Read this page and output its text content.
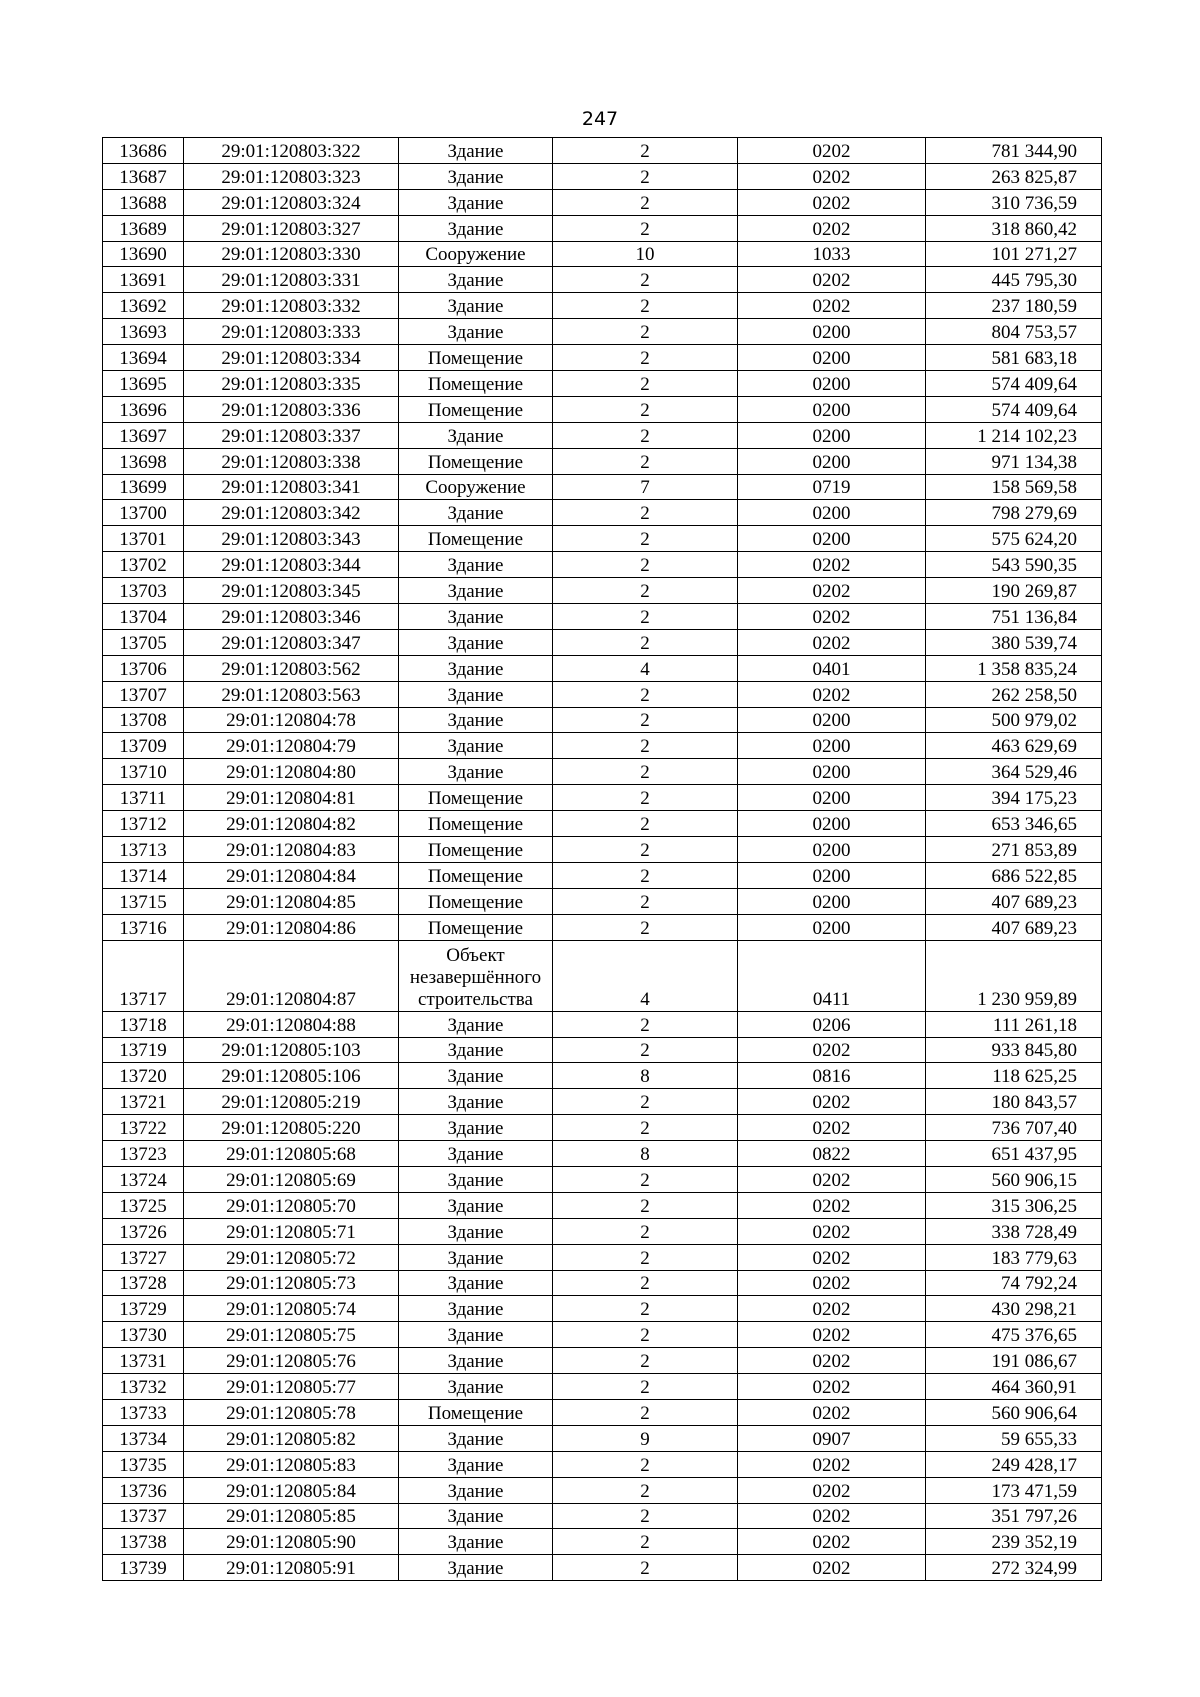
247
13686	29:01:120803:322	Здание	2	0202	781 344,90
13687	29:01:120803:323	Здание	2	0202	263 825,87
13688	29:01:120803:324	Здание	2	0202	310 736,59
13689	29:01:120803:327	Здание	2	0202	318 860,42
13690	29:01:120803:330	Сооружение	10	1033	101 271,27
13691	29:01:120803:331	Здание	2	0202	445 795,30
13692	29:01:120803:332	Здание	2	0202	237 180,59
13693	29:01:120803:333	Здание	2	0200	804 753,57
13694	29:01:120803:334	Помещение	2	0200	581 683,18
13695	29:01:120803:335	Помещение	2	0200	574 409,64
13696	29:01:120803:336	Помещение	2	0200	574 409,64
13697	29:01:120803:337	Здание	2	0200	1 214 102,23
13698	29:01:120803:338	Помещение	2	0200	971 134,38
13699	29:01:120803:341	Сооружение	7	0719	158 569,58
13700	29:01:120803:342	Здание	2	0200	798 279,69
13701	29:01:120803:343	Помещение	2	0200	575 624,20
13702	29:01:120803:344	Здание	2	0202	543 590,35
13703	29:01:120803:345	Здание	2	0202	190 269,87
13704	29:01:120803:346	Здание	2	0202	751 136,84
13705	29:01:120803:347	Здание	2	0202	380 539,74
13706	29:01:120803:562	Здание	4	0401	1 358 835,24
13707	29:01:120803:563	Здание	2	0202	262 258,50
13708	29:01:120804:78	Здание	2	0200	500 979,02
13709	29:01:120804:79	Здание	2	0200	463 629,69
13710	29:01:120804:80	Здание	2	0200	364 529,46
13711	29:01:120804:81	Помещение	2	0200	394 175,23
13712	29:01:120804:82	Помещение	2	0200	653 346,65
13713	29:01:120804:83	Помещение	2	0200	271 853,89
13714	29:01:120804:84	Помещение	2	0200	686 522,85
13715	29:01:120804:85	Помещение	2	0200	407 689,23
13716	29:01:120804:86	Помещение	2	0200	407 689,23
13717	29:01:120804:87	Объект незавершённого строительства	4	0411	1 230 959,89
13718	29:01:120804:88	Здание	2	0206	111 261,18
13719	29:01:120805:103	Здание	2	0202	933 845,80
13720	29:01:120805:106	Здание	8	0816	118 625,25
13721	29:01:120805:219	Здание	2	0202	180 843,57
13722	29:01:120805:220	Здание	2	0202	736 707,40
13723	29:01:120805:68	Здание	8	0822	651 437,95
13724	29:01:120805:69	Здание	2	0202	560 906,15
13725	29:01:120805:70	Здание	2	0202	315 306,25
13726	29:01:120805:71	Здание	2	0202	338 728,49
13727	29:01:120805:72	Здание	2	0202	183 779,63
13728	29:01:120805:73	Здание	2	0202	74 792,24
13729	29:01:120805:74	Здание	2	0202	430 298,21
13730	29:01:120805:75	Здание	2	0202	475 376,65
13731	29:01:120805:76	Здание	2	0202	191 086,67
13732	29:01:120805:77	Здание	2	0202	464 360,91
13733	29:01:120805:78	Помещение	2	0202	560 906,64
13734	29:01:120805:82	Здание	9	0907	59 655,33
13735	29:01:120805:83	Здание	2	0202	249 428,17
13736	29:01:120805:84	Здание	2	0202	173 471,59
13737	29:01:120805:85	Здание	2	0202	351 797,26
13738	29:01:120805:90	Здание	2	0202	239 352,19
13739	29:01:120805:91	Здание	2	0202	272 324,99
